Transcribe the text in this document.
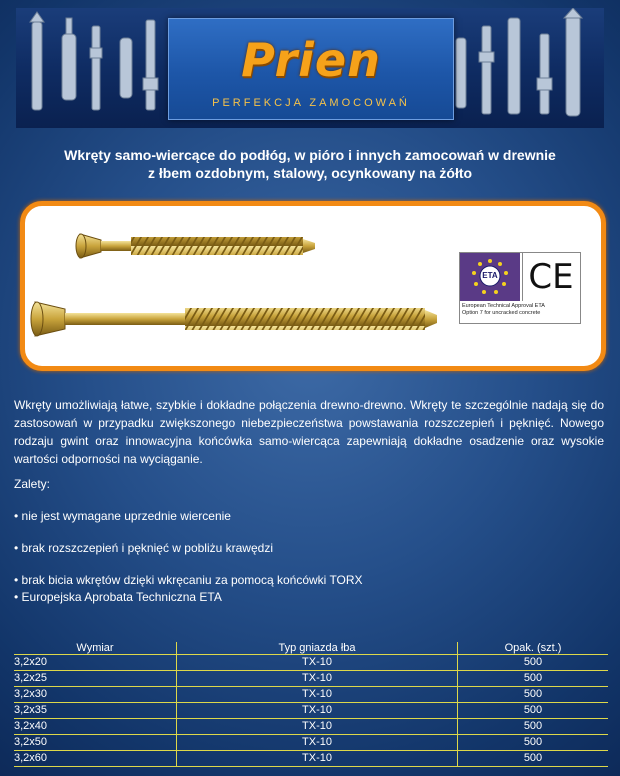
Prien
PERFEKCJA ZAMOCOWAŃ
Wkręty samo-wiercące do podłóg, w pióro i innych zamocowań w drewnie
z łbem ozdobnym, stalowy, ocynkowany na żółto
ETA CE
European Technical Approval ETA
Option 7 for uncracked concrete
Wkręty umożliwiają łatwe, szybkie i dokładne połączenia drewno-drewno. Wkręty te szczególnie nadają się do zastosowań w przypadku zwiększonego niebezpieczeństwa powstawania rozszczepień i pęknięć. Nowego rodzaju gwint oraz innowacyjna końcówka samo-wiercąca zapewniają dokładne osadzenie oraz wysokie wartości odporności na wyciąganie.
Zalety:
• nie jest wymagane uprzednie wiercenie
• brak rozszczepień i pęknięć w pobliżu krawędzi
• brak bicia wkrętów dzięki wkręcaniu za pomocą końcówki TORX
• Europejska Aprobata Techniczna ETA
Wymiar	Typ gniazda łba	Opak. (szt.)
3,2x20	TX-10	500
3,2x25	TX-10	500
3,2x30	TX-10	500
3,2x35	TX-10	500
3,2x40	TX-10	500
3,2x50	TX-10	500
3,2x60	TX-10	500
